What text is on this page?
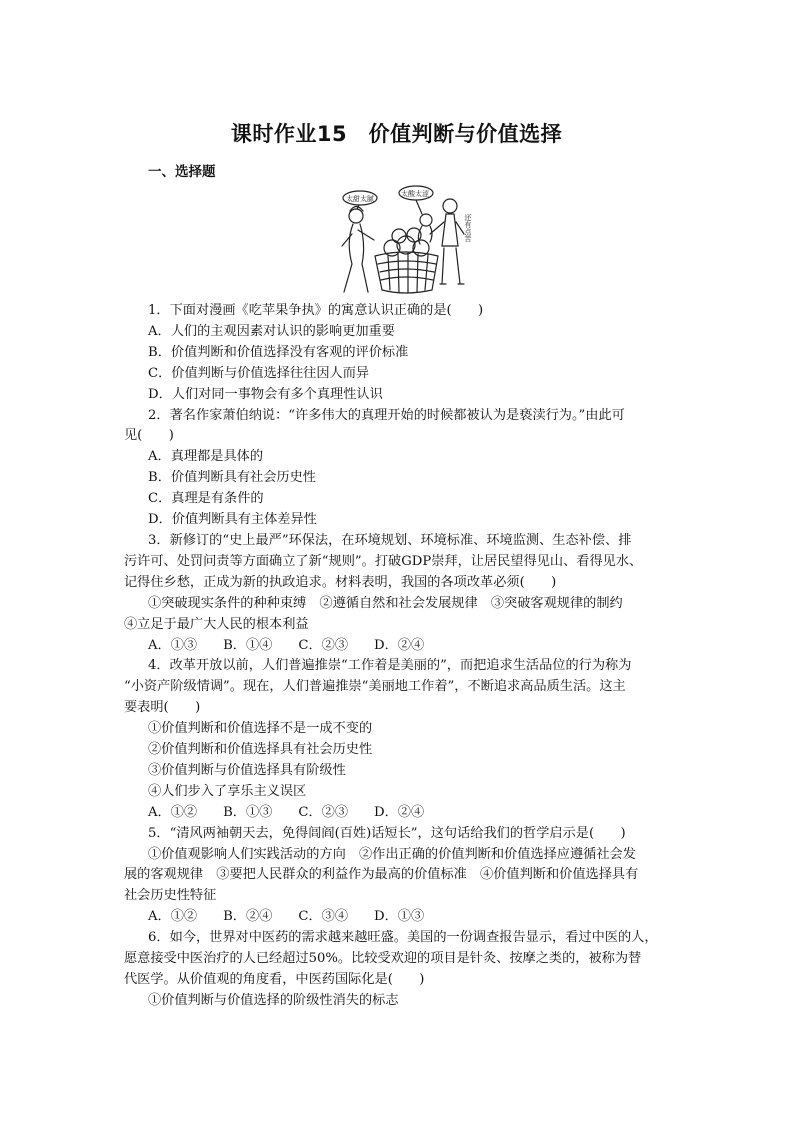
课时作业15　价值判断与价值选择
一、选择题
太甜太腻
太酸太涩
还有点苦
1．下面对漫画《吃苹果争执》的寓意认识正确的是(　　)
A．人们的主观因素对认识的影响更加重要
B．价值判断和价值选择没有客观的评价标准
C．价值判断与价值选择往往因人而异
D．人们对同一事物会有多个真理性认识
2．著名作家萧伯纳说：“许多伟大的真理开始的时候都被认为是亵渎行为。”由此可
见(　　)
A．真理都是具体的
B．价值判断具有社会历史性
C．真理是有条件的
D．价值判断具有主体差异性
3．新修订的“史上最严”环保法，在环境规划、环境标准、环境监测、生态补偿、排
污许可、处罚问责等方面确立了新“规则”。打破GDP崇拜，让居民望得见山、看得见水、
记得住乡愁，正成为新的执政追求。材料表明，我国的各项改革必须(　　)
①突破现实条件的种种束缚　②遵循自然和社会发展规律　③突破客观规律的制约
④立足于最广大人民的根本利益
A．①③ B．①④ C．②③ D．②④
4．改革开放以前，人们普遍推崇“工作着是美丽的”，而把追求生活品位的行为称为
“小资产阶级情调”。现在，人们普遍推崇“美丽地工作着”，不断追求高品质生活。这主
要表明(　　)
①价值判断和价值选择不是一成不变的
②价值判断和价值选择具有社会历史性
③价值判断与价值选择具有阶级性
④人们步入了享乐主义误区
A．①② B．①③ C．②③ D．②④
5．“清风两袖朝天去，免得闾阎(百姓)话短长”，这句话给我们的哲学启示是(　　)
①价值观影响人们实践活动的方向　②作出正确的价值判断和价值选择应遵循社会发
展的客观规律　③要把人民群众的利益作为最高的价值标准　④价值判断和价值选择具有
社会历史性特征
A．①② B．②④ C．③④ D．①③
6．如今，世界对中医药的需求越来越旺盛。美国的一份调查报告显示，看过中医的人，
愿意接受中医治疗的人已经超过50%。比较受欢迎的项目是针灸、按摩之类的，被称为替
代医学。从价值观的角度看，中医药国际化是(　　)
①价值判断与价值选择的阶级性消失的标志
